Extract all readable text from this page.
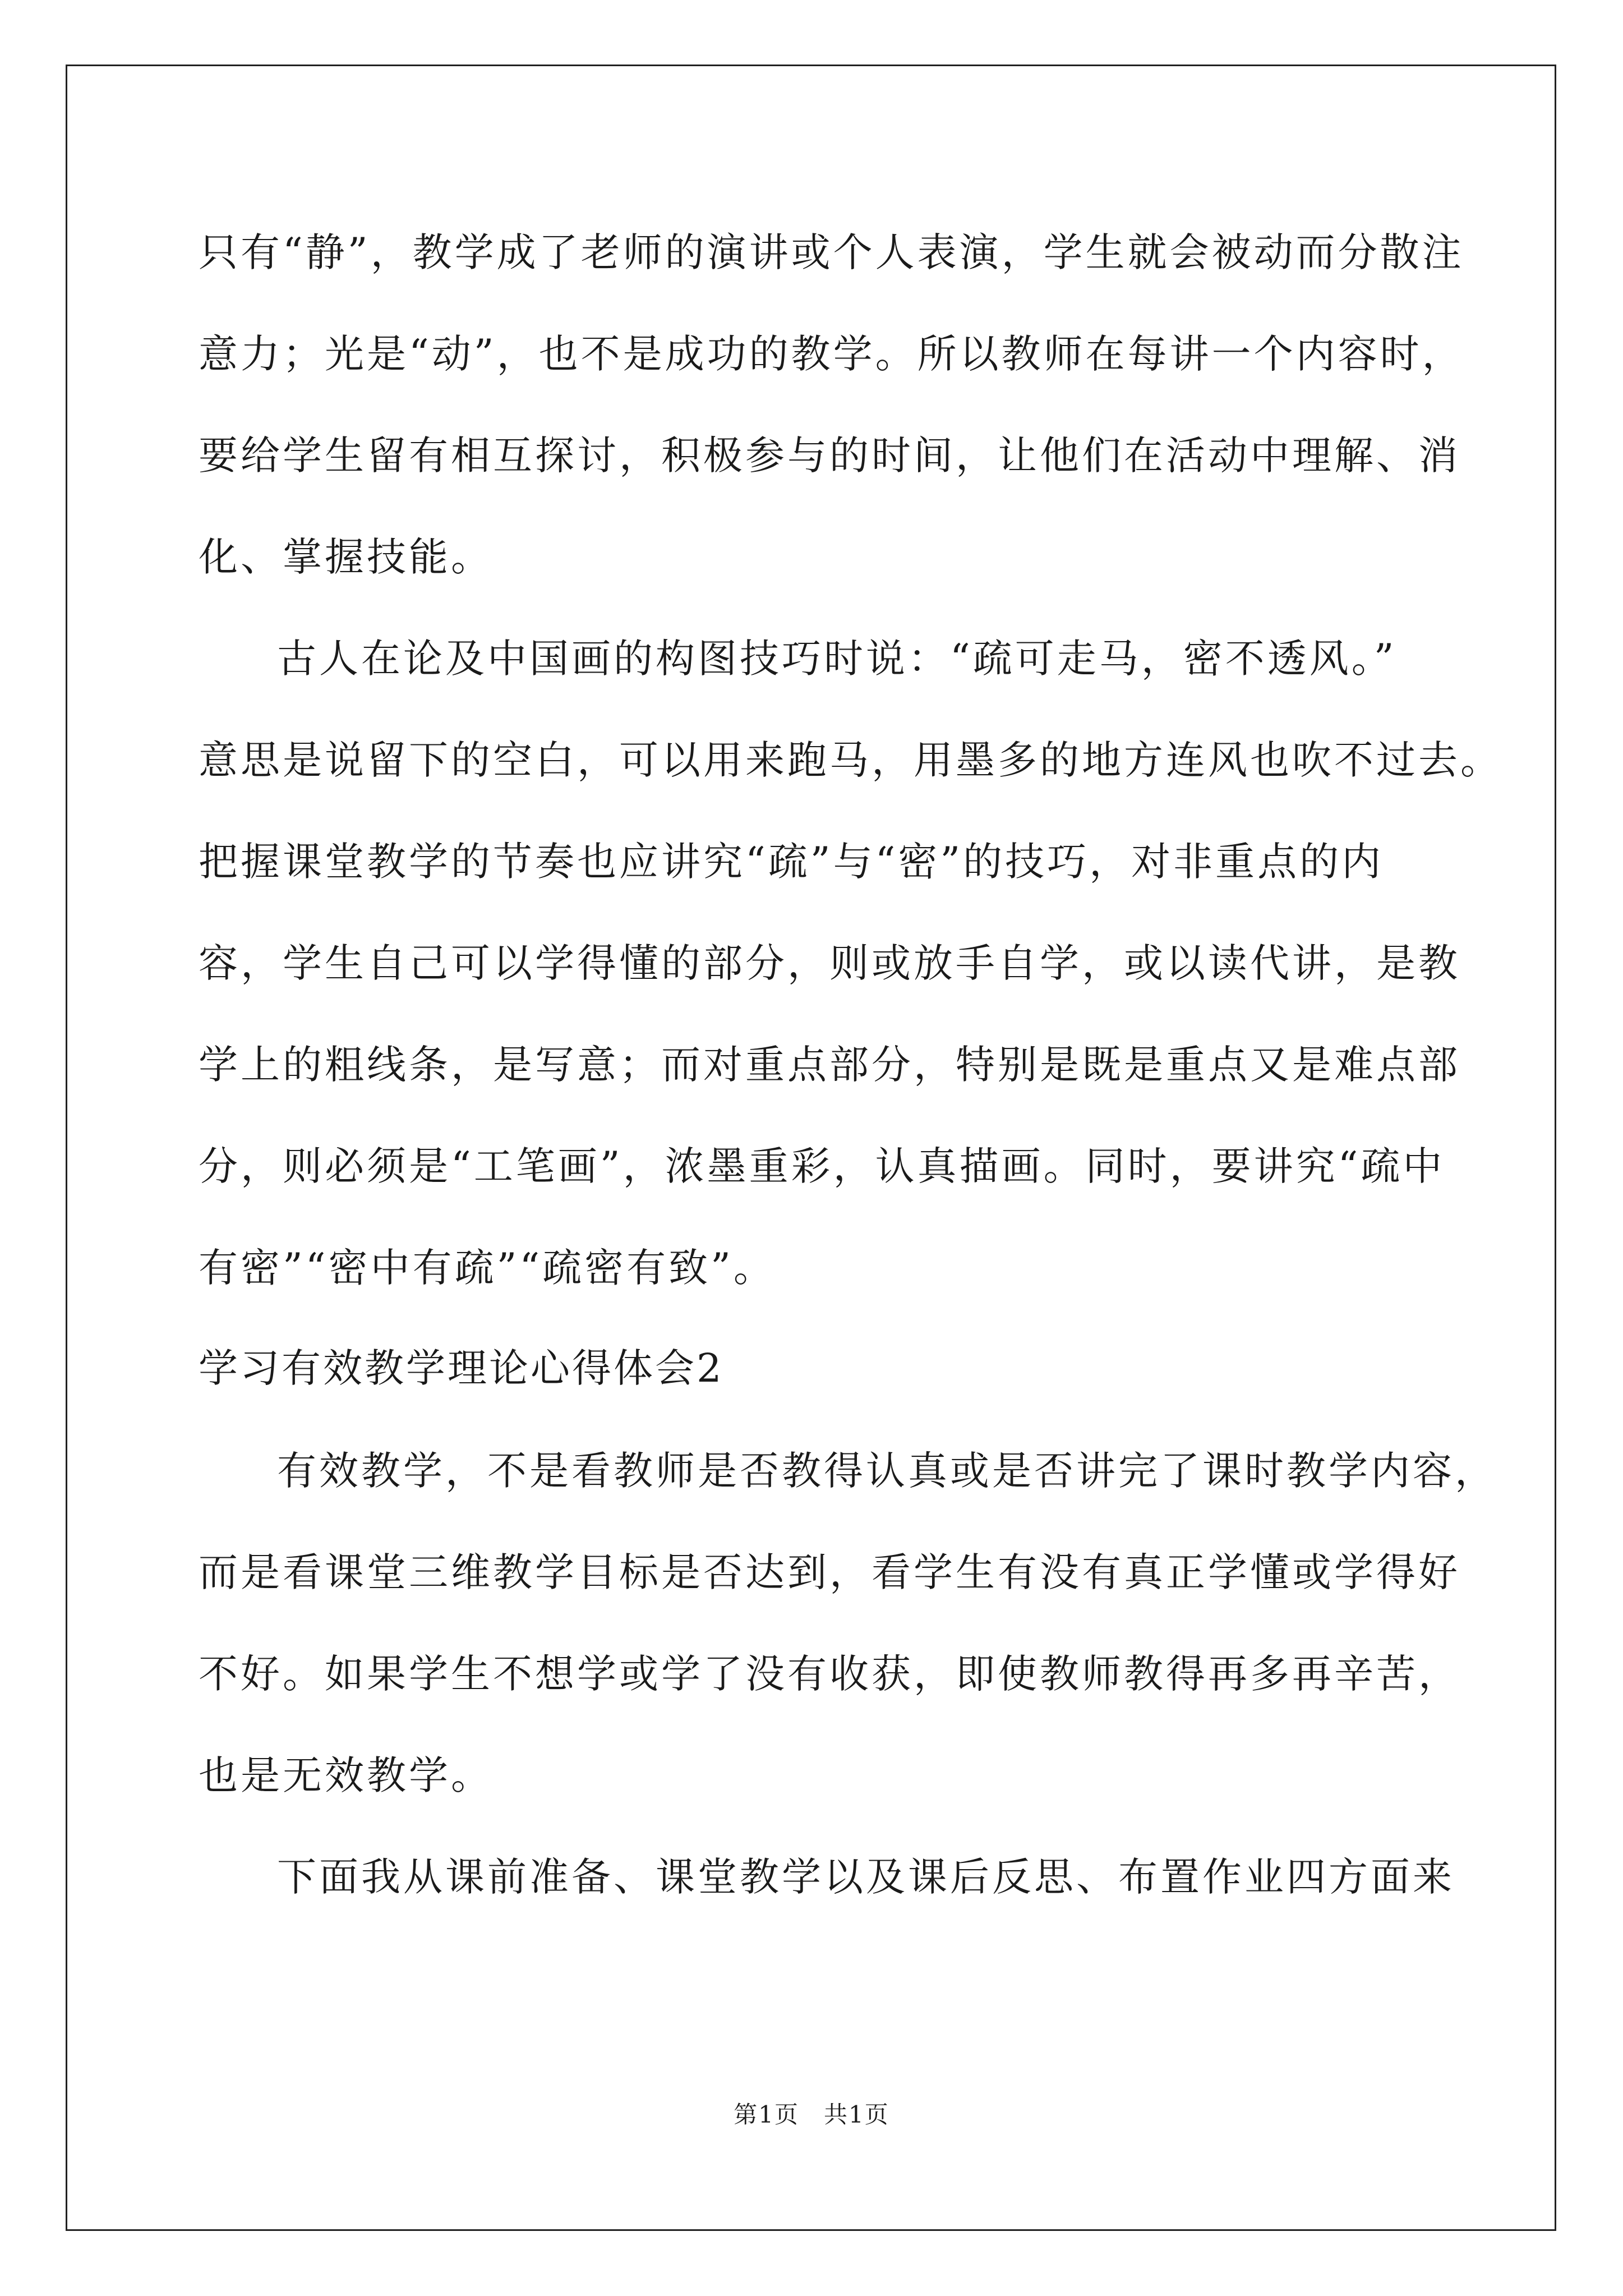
只有“静”，教学成了老师的演讲或个人表演，学生就会被动而分散注
意力；光是“动”，也不是成功的教学。所以教师在每讲一个内容时，
要给学生留有相互探讨，积极参与的时间，让他们在活动中理解、消
化、掌握技能。
古人在论及中国画的构图技巧时说：“疏可走马，密不透风。”
意思是说留下的空白，可以用来跑马，用墨多的地方连风也吹不过去。
把握课堂教学的节奏也应讲究“疏”与“密”的技巧，对非重点的内
容，学生自己可以学得懂的部分，则或放手自学，或以读代讲，是教
学上的粗线条，是写意；而对重点部分，特别是既是重点又是难点部
分，则必须是“工笔画”，浓墨重彩，认真描画。同时，要讲究“疏中
有密”“密中有疏”“疏密有致”。
学习有效教学理论心得体会2
有效教学，不是看教师是否教得认真或是否讲完了课时教学内容，
而是看课堂三维教学目标是否达到，看学生有没有真正学懂或学得好
不好。如果学生不想学或学了没有收获，即使教师教得再多再辛苦，
也是无效教学。
下面我从课前准备、课堂教学以及课后反思、布置作业四方面来
第1页　共1页
